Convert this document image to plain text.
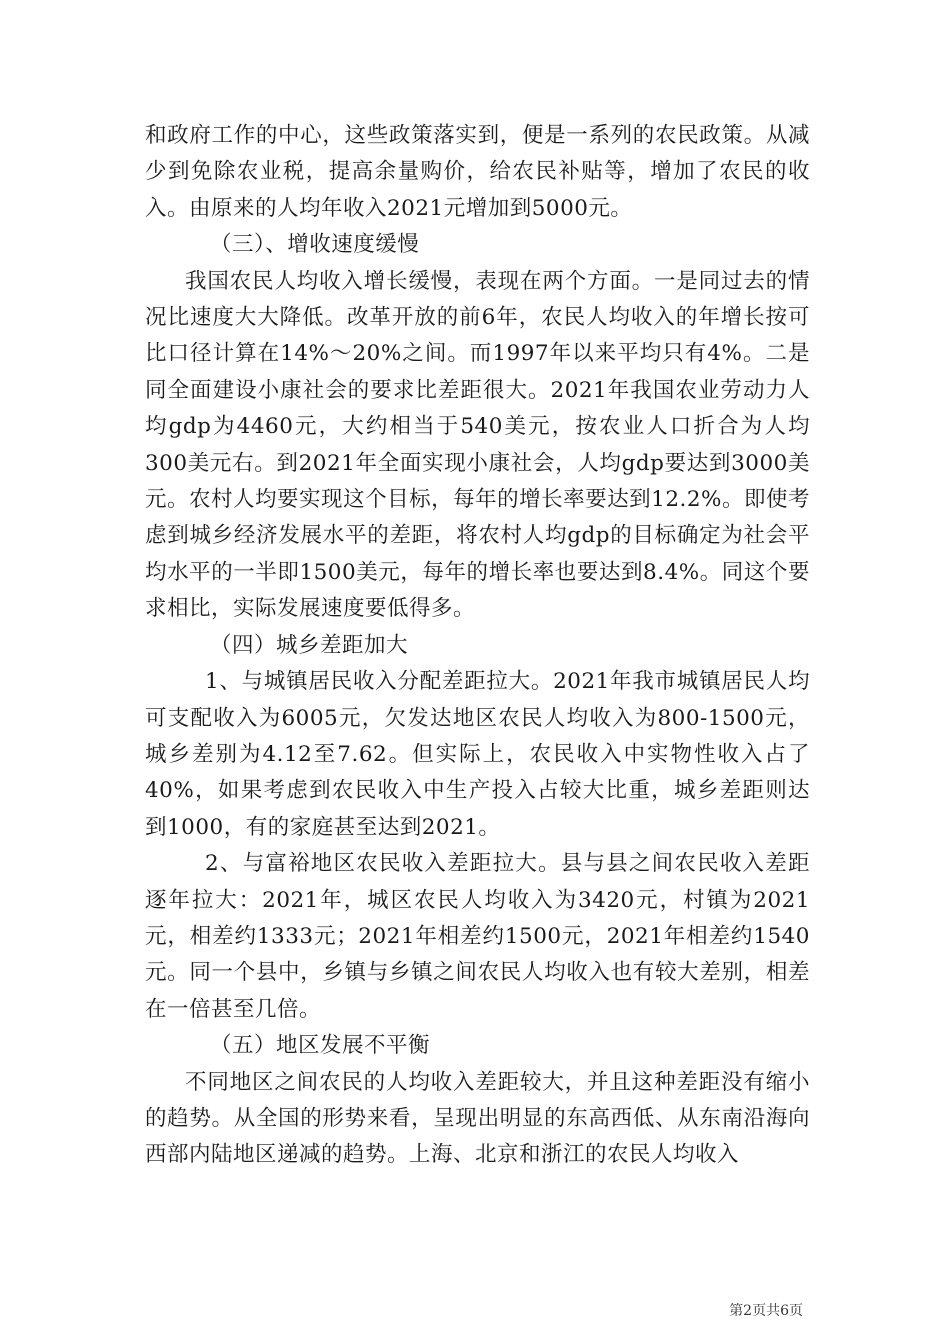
和政府工作的中心，这些政策落实到，便是一系列的农民政策。从减少到免除农业税，提高余量购价，给农民补贴等，增加了农民的收入。由原来的人均年收入2021元增加到5000元。

（三）、增收速度缓慢

我国农民人均收入增长缓慢，表现在两个方面。一是同过去的情况比速度大大降低。改革开放的前6年，农民人均收入的年增长按可比口径计算在14%～20%之间。而1997年以来平均只有4%。二是同全面建设小康社会的要求比差距很大。2021年我国农业劳动力人均gdp为4460元，大约相当于540美元，按农业人口折合为人均300美元右。到2021年全面实现小康社会，人均gdp要达到3000美元。农村人均要实现这个目标，每年的增长率要达到12.2%。即使考虑到城乡经济发展水平的差距，将农村人均gdp的目标确定为社会平均水平的一半即1500美元，每年的增长率也要达到8.4%。同这个要求相比，实际发展速度要低得多。

（四）城乡差距加大

1、与城镇居民收入分配差距拉大。2021年我市城镇居民人均可支配收入为6005元，欠发达地区农民人均收入为800-1500元，城乡差别为4.12至7.62。但实际上，农民收入中实物性收入占了40%，如果考虑到农民收入中生产投入占较大比重，城乡差距则达到1000，有的家庭甚至达到2021。

2、与富裕地区农民收入差距拉大。县与县之间农民收入差距逐年拉大：2021年，城区农民人均收入为3420元，村镇为2021元，相差约1333元；2021年相差约1500元，2021年相差约1540元。同一个县中，乡镇与乡镇之间农民人均收入也有较大差别，相差在一倍甚至几倍。

（五）地区发展不平衡

不同地区之间农民的人均收入差距较大，并且这种差距没有缩小的趋势。从全国的形势来看，呈现出明显的东高西低、从东南沿海向西部内陆地区递减的趋势。上海、北京和浙江的农民人均收入

第2页共6页
